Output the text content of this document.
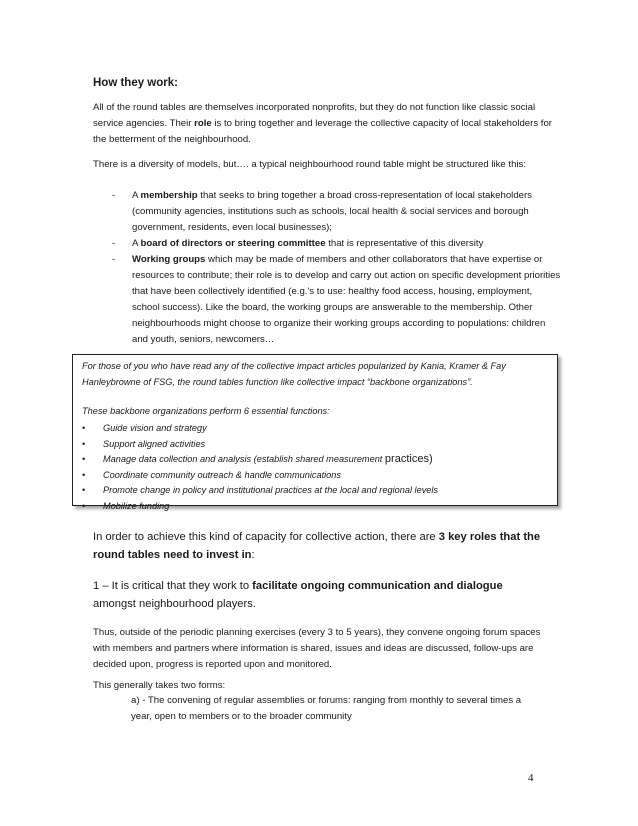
How they work:

All of the round tables are themselves incorporated nonprofits, but they do not function like classic social service agencies. Their role is to bring together and leverage the collective capacity of local stakeholders for the betterment of the neighbourhood.

There is a diversity of models, but…. a typical neighbourhood round table might be structured like this:

- A membership that seeks to bring together a broad cross-representation of local stakeholders (community agencies, institutions such as schools, local health & social services and borough government, residents, even local businesses);
- A board of directors or steering committee that is representative of this diversity
- Working groups which may be made of members and other collaborators that have expertise or resources to contribute; their role is to develop and carry out action on specific development priorities that have been collectively identified (e.g.'s to use: healthy food access, housing, employment, school success). Like the board, the working groups are answerable to the membership. Other neighbourhoods might choose to organize their working groups according to populations: children and youth, seniors, newcomers…

For those of you who have read any of the collective impact articles popularized by Kania, Kramer & Fay Hanleybrowne of FSG, the round tables function like collective impact “backbone organizations”.

These backbone organizations perform 6 essential functions:

• Guide vision and strategy
• Support aligned activities
• Manage data collection and analysis (establish shared measurement practices)
• Coordinate community outreach & handle communications
• Promote change in policy and institutional practices at the local and regional levels
• Mobilize funding

In order to achieve this kind of capacity for collective action, there are 3 key roles that the round tables need to invest in:

1 – It is critical that they work to facilitate ongoing communication and dialogue amongst neighbourhood players.

Thus, outside of the periodic planning exercises (every 3 to 5 years), they convene ongoing forum spaces with members and partners where information is shared, issues and ideas are discussed, follow-ups are decided upon, progress is reported upon and monitored.

This generally takes two forms:

a) - The convening of regular assemblies or forums: ranging from monthly to several times a year, open to members or to the broader community

4
